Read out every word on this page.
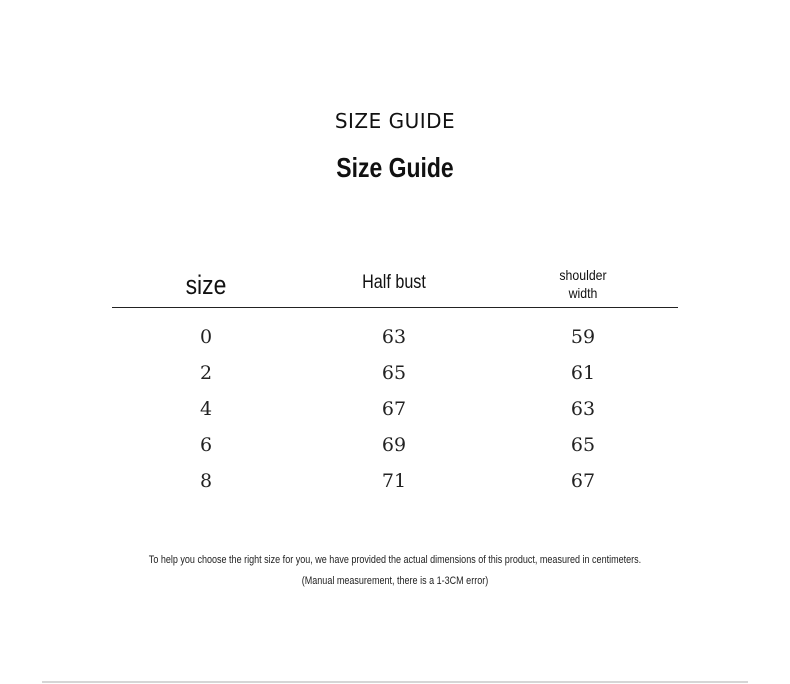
SIZE GUIDE
Size Guide
size	Half bust	shoulder
width
0	63	59
2	65	61
4	67	63
6	69	65
8	71	67
To help you choose the right size for you, we have provided the actual dimensions of this product, measured in centimeters.
(Manual measurement, there is a 1-3CM error)
